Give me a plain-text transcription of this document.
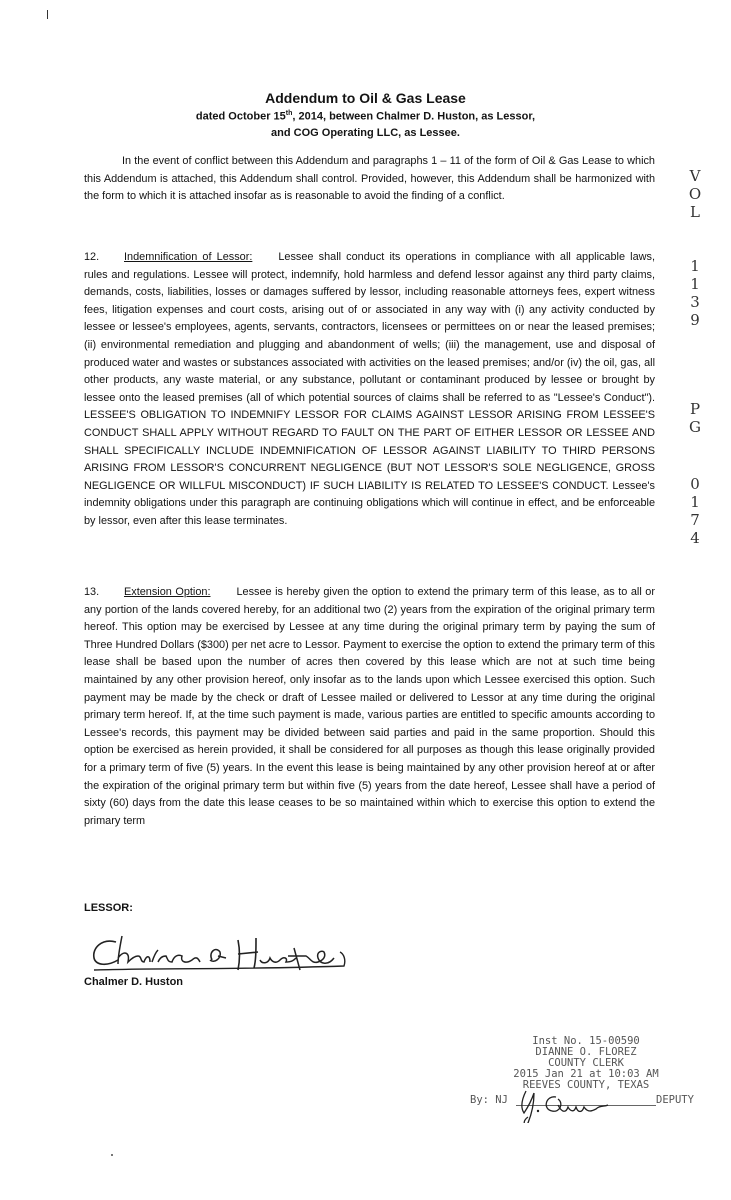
Addendum to Oil & Gas Lease
dated October 15th, 2014, between Chalmer D. Huston, as Lessor,
and COG Operating LLC, as Lessee.

In the event of conflict between this Addendum and paragraphs 1 – 11 of the form of Oil & Gas Lease to which this Addendum is attached, this Addendum shall control. Provided, however, this Addendum shall be harmonized with the form to which it is attached insofar as is reasonable to avoid the finding of a conflict.

12. Indemnification of Lessor: Lessee shall conduct its operations in compliance with all applicable laws, rules and regulations. Lessee will protect, indemnify, hold harmless and defend lessor against any third party claims, demands, costs, liabilities, losses or damages suffered by lessor, including reasonable attorneys fees, expert witness fees, litigation expenses and court costs, arising out of or associated in any way with (i) any activity conducted by lessee or lessee's employees, agents, servants, contractors, licensees or permittees on or near the leased premises; (ii) environmental remediation and plugging and abandonment of wells; (iii) the management, use and disposal of produced water and wastes or substances associated with activities on the leased premises; and/or (iv) the oil, gas, all other products, any waste material, or any substance, pollutant or contaminant produced by lessee or brought by lessee onto the leased premises (all of which potential sources of claims shall be referred to as "Lessee's Conduct"). LESSEE'S OBLIGATION TO INDEMNIFY LESSOR FOR CLAIMS AGAINST LESSOR ARISING FROM LESSEE'S CONDUCT SHALL APPLY WITHOUT REGARD TO FAULT ON THE PART OF EITHER LESSOR OR LESSEE AND SHALL SPECIFICALLY INCLUDE INDEMNIFICATION OF LESSOR AGAINST LIABILITY TO THIRD PERSONS ARISING FROM LESSOR'S CONCURRENT NEGLIGENCE (BUT NOT LESSOR'S SOLE NEGLIGENCE, GROSS NEGLIGENCE OR WILLFUL MISCONDUCT) IF SUCH LIABILITY IS RELATED TO LESSEE'S CONDUCT. Lessee's indemnity obligations under this paragraph are continuing obligations which will continue in effect, and be enforceable by lessor, even after this lease terminates.

13. Extension Option: Lessee is hereby given the option to extend the primary term of this lease, as to all or any portion of the lands covered hereby, for an additional two (2) years from the expiration of the original primary term hereof. This option may be exercised by Lessee at any time during the original primary term by paying the sum of Three Hundred Dollars ($300) per net acre to Lessor. Payment to exercise the option to extend the primary term of this lease shall be based upon the number of acres then covered by this lease which are not at such time being maintained by any other provision hereof, only insofar as to the lands upon which Lessee exercised this option. Such payment may be made by the check or draft of Lessee mailed or delivered to Lessor at any time during the original primary term hereof. If, at the time such payment is made, various parties are entitled to specific amounts according to Lessee's records, this payment may be divided between said parties and paid in the same proportion. Should this option be exercised as herein provided, it shall be considered for all purposes as though this lease originally provided for a primary term of five (5) years. In the event this lease is being maintained by any other provision hereof at or after the expiration of the original primary term but within five (5) years from the date hereof, Lessee shall have a period of sixty (60) days from the date this lease ceases to be so maintained within which to exercise this option to extend the primary term

V
O
L
1
1
3
9
P
G
0
1
7
4
LESSOR:
Chalmer D. Huston
Inst No. 15-00590
DIANNE O. FLOREZ
COUNTY CLERK
2015 Jan 21 at 10:03 AM
REEVES COUNTY, TEXAS
By: NJ	DEPUTY
